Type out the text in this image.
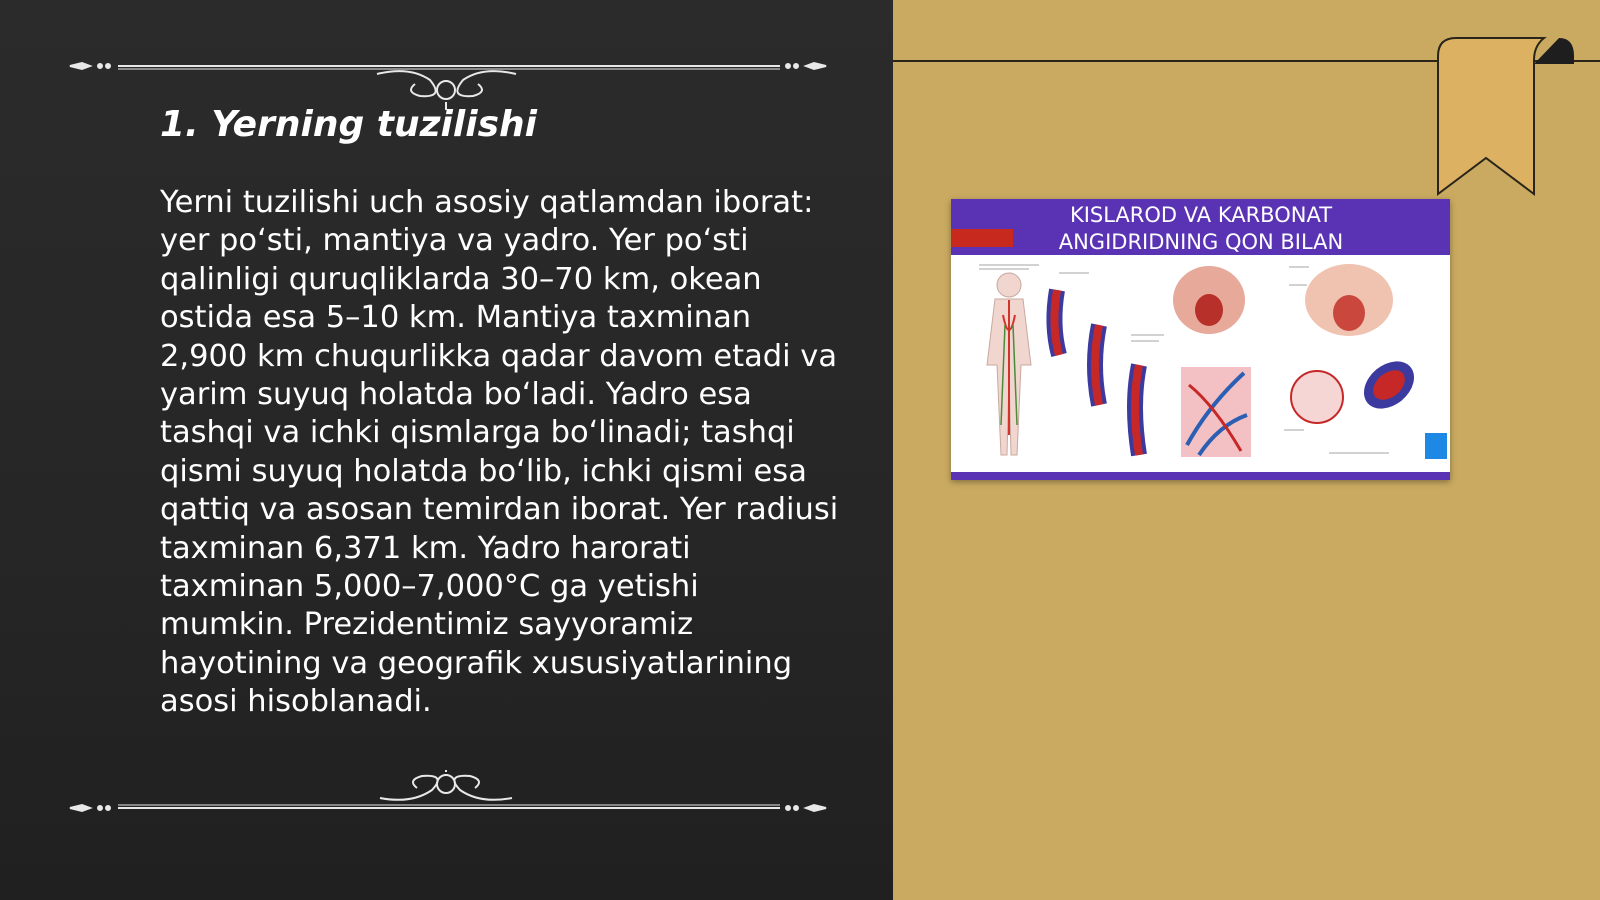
1. Yerning tuzilishi

Yerni tuzilishi uch asosiy qatlamdan iborat: yer po‘sti, mantiya va yadro. Yer po‘sti qalinligi quruqliklarda 30–70 km, okean ostida esa 5–10 km. Mantiya taxminan 2,900 km chuqurlikka qadar davom etadi va yarim suyuq holatda bo‘ladi. Yadro esa tashqi va ichki qismlarga bo‘linadi; tashqi qismi suyuq holatda bo‘lib, ichki qismi esa qattiq va asosan temirdan iborat. Yer radiusi taxminan 6,371 km. Yadro harorati taxminan 5,000–7,000°C ga yetishi mumkin. Prezidentimiz sayyoramiz hayotining va geografik xususiyatlarining asosi hisoblanadi.

KISLAROD VA KARBONAT
ANGIDRIDNING QON BILAN
